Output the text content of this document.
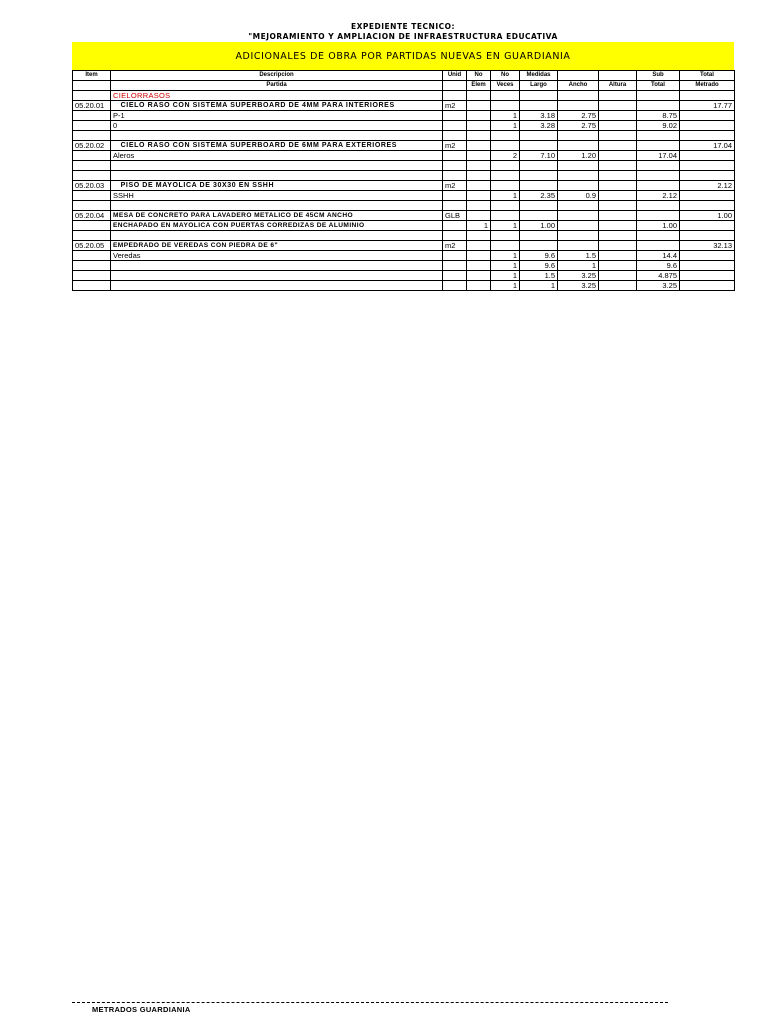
EXPEDIENTE TECNICO:
"MEJORAMIENTO Y AMPLIACION DE INFRAESTRUCTURA EDUCATIVA
ADICIONALES DE OBRA POR PARTIDAS NUEVAS EN GUARDIANIA
Item	Descripcion	Unid	No	No	Medidas			Sub	Total
	Partida		Elem	Veces	Largo	Ancho	Altura	Total	Metrado
	CIELORRASOS								
05.20.01	CIELO RASO CON SISTEMA SUPERBOARD DE 4MM PARA INTERIORES	m2							17.77
	P-1			1	3.18	2.75		8.75	
	0			1	3.28	2.75		9.02	

05.20.02	CIELO RASO CON SISTEMA SUPERBOARD DE 6MM PARA EXTERIORES	m2							17.04
	Aleros			2	7.10	1.20		17.04	

05.20.03	PISO DE MAYOLICA DE 30X30 EN SSHH	m2							2.12
	SSHH			1	2.35	0.9		2.12	

05.20.04	MESA DE CONCRETO PARA LAVADERO METALICO DE 45CM ANCHO	GLB							1.00
	ENCHAPADO EN MAYOLICA CON PUERTAS CORREDIZAS DE ALUMINIO		1	1	1.00			1.00	

05.20.05	EMPEDRADO DE VEREDAS CON PIEDRA DE 6"	m2							32.13
	Veredas			1	9.6	1.5		14.4	
				1	9.6	1		9.6	
				1	1.5	3.25		4.875	
				1	1	3.25		3.25	
METRADOS GUARDIANIA
